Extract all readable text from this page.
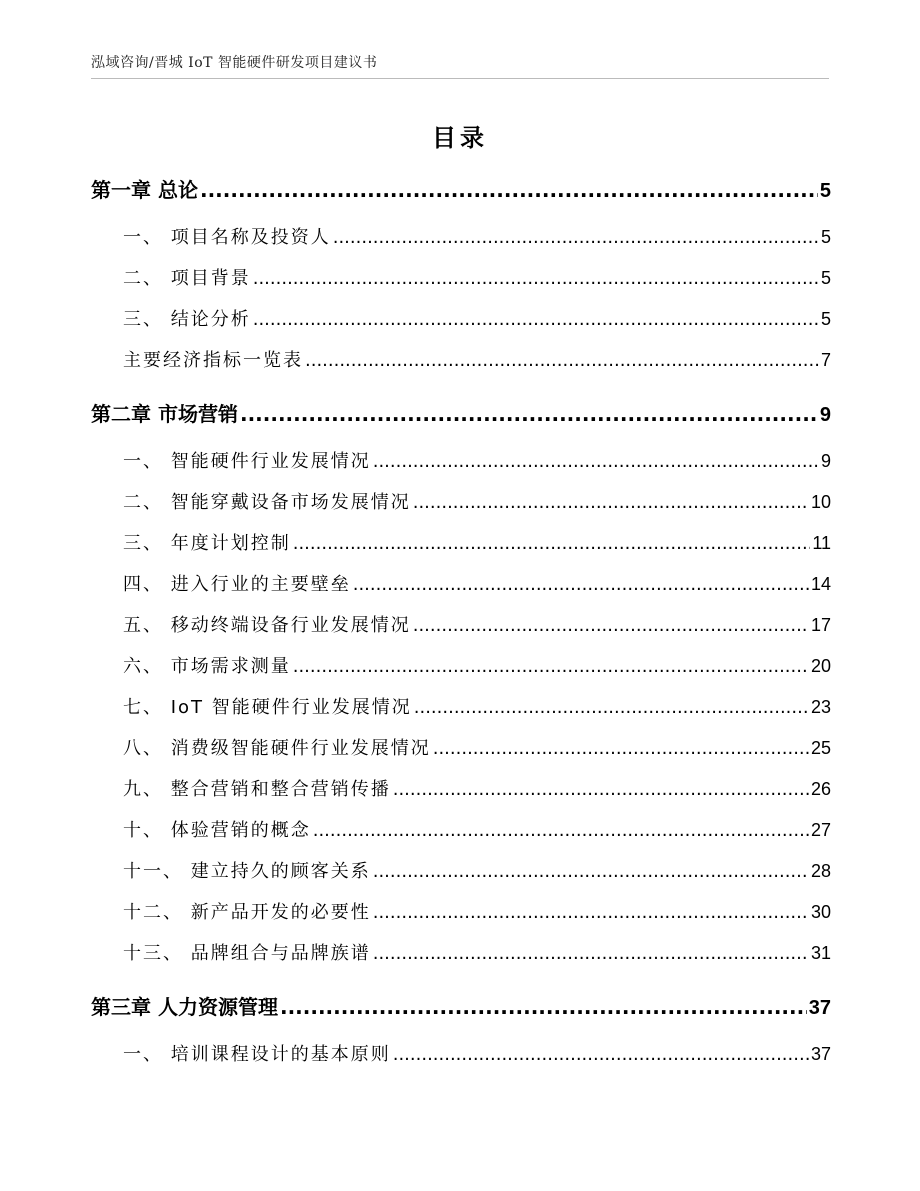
泓域咨询/晋城 IoT 智能硬件研发项目建议书
目录
第一章 总论 .....	5
一、 项目名称及投资人 .....	5
二、 项目背景 .....	5
三、 结论分析 .....	5
主要经济指标一览表 .....	7
第二章 市场营销 .....	9
一、 智能硬件行业发展情况 .....	9
二、 智能穿戴设备市场发展情况 .....	10
三、 年度计划控制 .....	11
四、 进入行业的主要壁垒 .....	14
五、 移动终端设备行业发展情况 .....	17
六、 市场需求测量 .....	20
七、 IoT 智能硬件行业发展情况 .....	23
八、 消费级智能硬件行业发展情况 .....	25
九、 整合营销和整合营销传播 .....	26
十、 体验营销的概念 .....	27
十一、 建立持久的顾客关系 .....	28
十二、 新产品开发的必要性 .....	30
十三、 品牌组合与品牌族谱 .....	31
第三章 人力资源管理 .....	37
一、 培训课程设计的基本原则 .....	37
